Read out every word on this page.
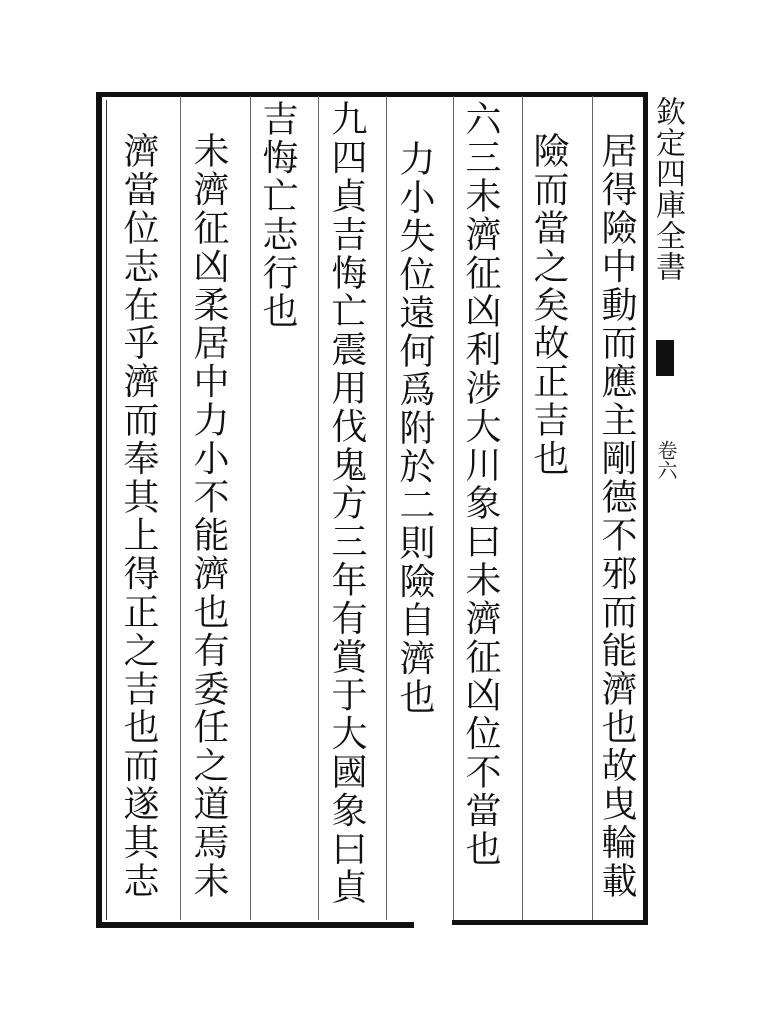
欽定四庫全書
卷六
居得險中動而應主剛德不邪而能濟也故曳輪載
險而當之矣故正吉也
六三未濟征凶利涉大川象曰未濟征凶位不當也
力小失位遠何爲附於二則險自濟也
九四貞吉悔亡震用伐鬼方三年有賞于大國象曰貞
吉悔亡志行也
未濟征凶柔居中力小不能濟也有委任之道焉未
濟當位志在乎濟而奉其上得正之吉也而遂其志
